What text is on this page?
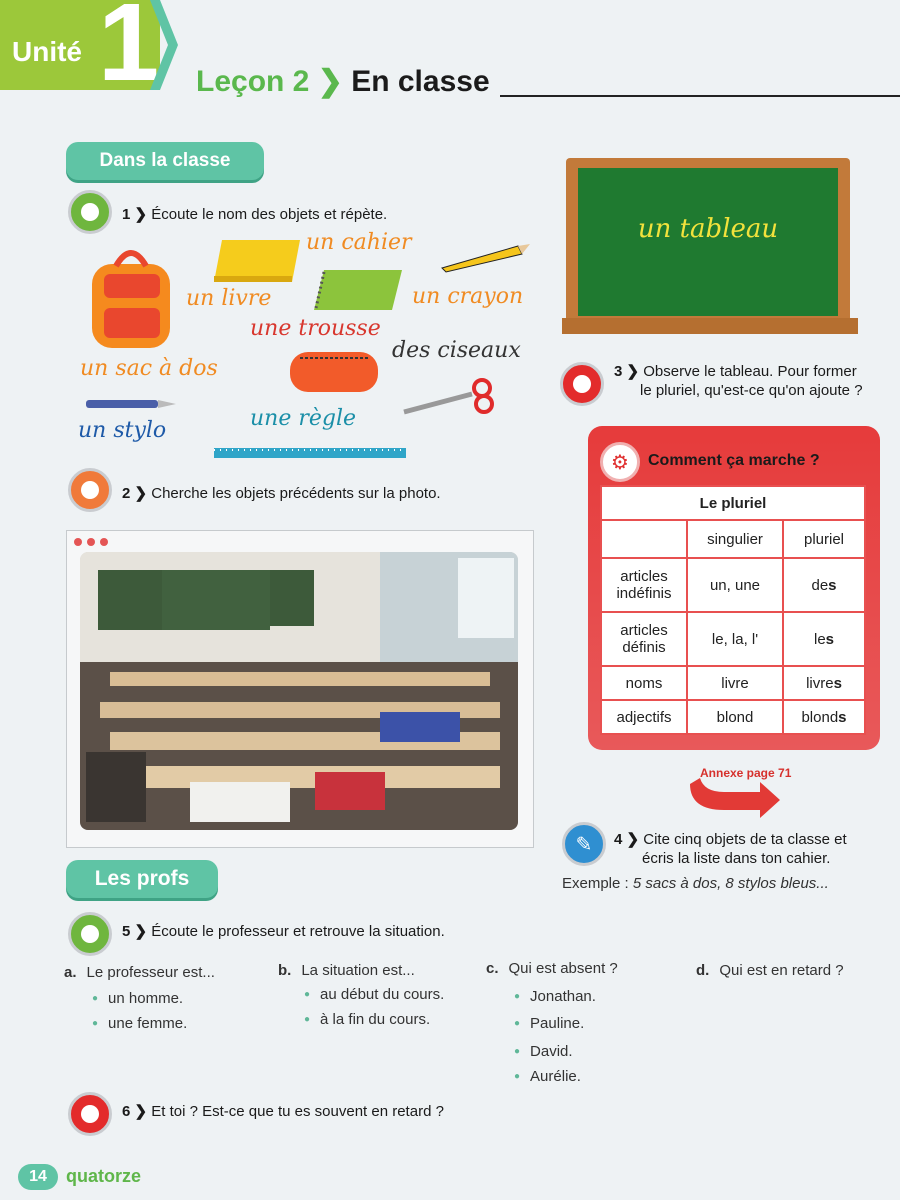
Unité 1 Leçon 2 ❯ En classe
Dans la classe
1 ❯ Écoute le nom des objets et répète.
un cahier
un livre	un crayon
une trousse
des ciseaux
un sac à dos
un stylo	une règle
2 ❯ Cherche les objets précédents sur la photo.
Les profs
5 ❯ Écoute le professeur et retrouve la situation.
a. Le professeur est...
● un homme.
● une femme.
b. La situation est...
● au début du cours.
● à la fin du cours.
c. Qui est absent ?
● Jonathan.
● Pauline.
● David.
● Aurélie.
d. Qui est en retard ?
6 ❯ Et toi ? Est-ce que tu es souvent en retard ?
14	quatorze
un tableau
3 ❯ Observe le tableau. Pour former
le pluriel, qu'est-ce qu'on ajoute ?
⚙	Comment ça marche ?
Le pluriel		
	singulier	pluriel
articles
indéfinis	un, une	des
articles
définis	le, la, l'	les
noms	livre	livres
adjectifs	blond	blonds
Annexe page 71
✎ 4 ❯ Cite cinq objets de ta classe et
écris la liste dans ton cahier.
Exemple : 5 sacs à dos, 8 stylos bleus...
